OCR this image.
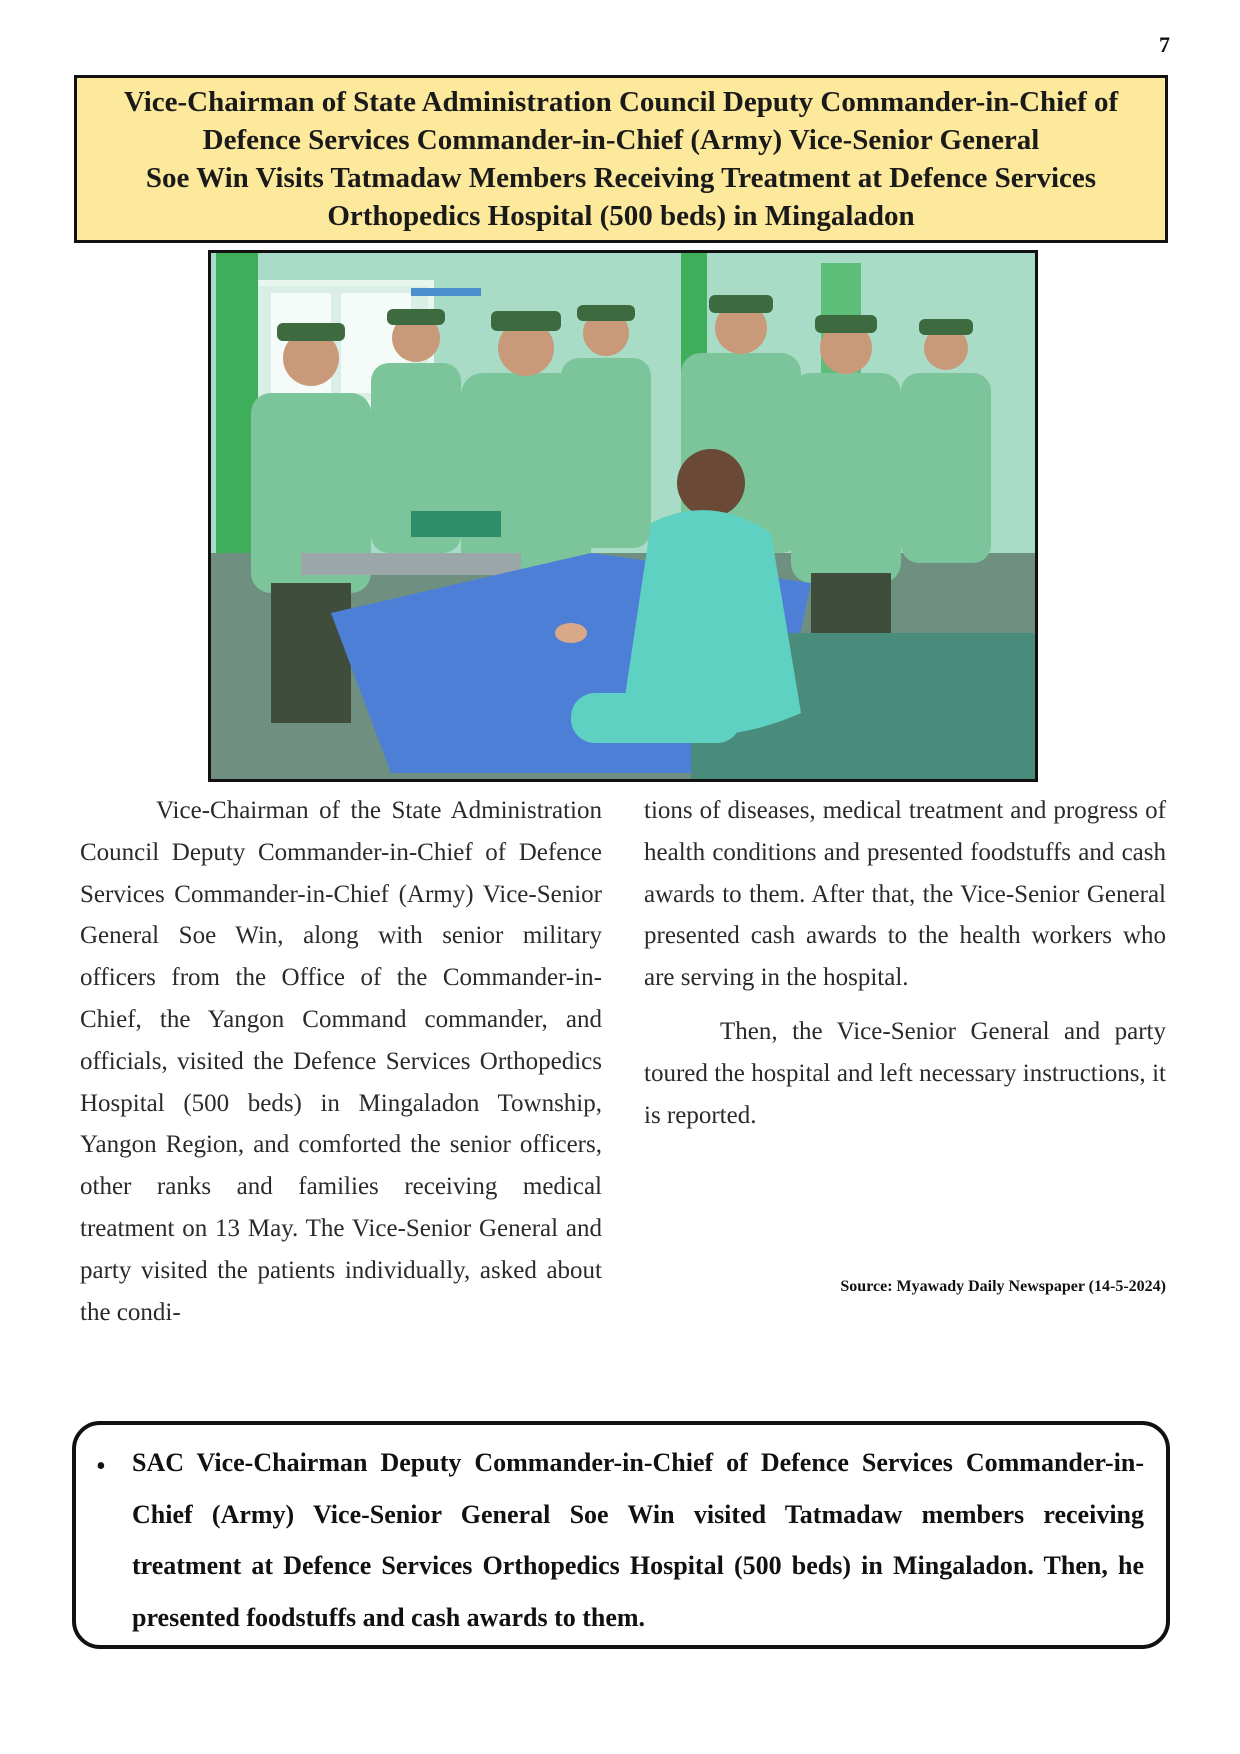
7
Vice-Chairman of State Administration Council Deputy Commander-in-Chief of
Defence Services Commander-in-Chief (Army) Vice-Senior General
Soe Win Visits Tatmadaw Members Receiving Treatment at Defence Services
Orthopedics Hospital (500 beds) in Mingaladon

Vice-Chairman of the State Administration Council Deputy Commander-in-Chief of Defence Services Commander-in-Chief (Army) Vice-Senior General Soe Win, along with senior military officers from the Office of the Commander-in-Chief, the Yangon Command commander, and officials, visited the Defence Services Orthopedics Hospital (500 beds) in Mingaladon Township, Yangon Region, and comforted the senior officers, other ranks and families receiving medical treatment on 13 May. The Vice-Senior General and party visited the patients individually, asked about the condi-

tions of diseases, medical treatment and progress of health conditions and presented foodstuffs and cash awards to them. After that, the Vice-Senior General presented cash awards to the health workers who are serving in the hospital.

Then, the Vice-Senior General and party toured the hospital and left necessary instructions, it is reported.

Source: Myawady Daily Newspaper (14-5-2024)
• SAC Vice-Chairman Deputy Commander-in-Chief of Defence Services Commander-in-Chief (Army) Vice-Senior General Soe Win visited Tatmadaw members receiving treatment at Defence Services Orthopedics Hospital (500 beds) in Mingaladon. Then, he presented foodstuffs and cash awards to them.
